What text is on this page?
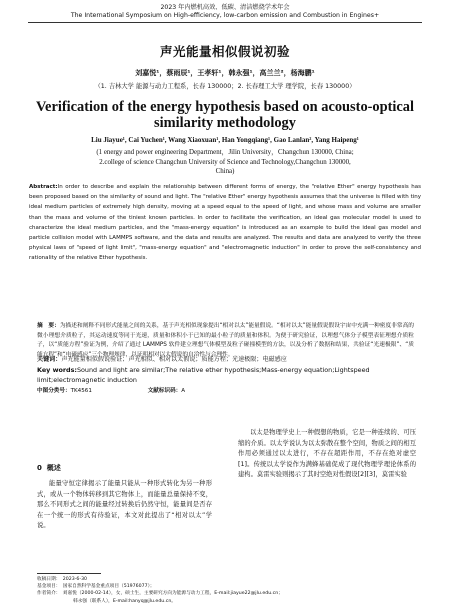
2023 年内燃机高效、低碳、清洁燃烧学术年会
The International Symposium on High-efficiency, low-carbon emission and Combustion in Engines+
声光能量相似假说初验
刘嘉悦¹，蔡雨辰¹，王孝轩¹，韩永强¹，高兰兰²，杨海鹏¹
（1. 吉林大学 能源与动力工程系，长春 130000；2. 长春理工大学 理学院，长春 130000）
Verification of the energy hypothesis based on acousto-optical similarity methodology
Liu Jiayue¹, Cai Yuchen¹, Wang Xiaoxuan¹, Han Yongqiang¹, Gao Lanlan², Yang Haipeng¹
(1 energy and power engineering Department，Jilin University，Changchun 130000, China;
2.college of science Changchun University of Science and Technology,Changchun 130000,
China)
Abstract:In order to describe and explain the relationship between different forms of energy, the "relative Ether" energy hypothesis has been proposed based on the similarity of sound and light. The "relative Ether" energy hypothesis assumes that the universe is filled with tiny ideal medium particles of extremely high density, moving at a speed equal to the speed of light, and whose mass and volume are smaller than the mass and volume of the tiniest known particles. In order to facilitate the verification, an ideal gas molecular model is used to characterize the ideal medium particles, and the "mass-energy equation" is introduced as an example to build the ideal gas model and particle collision model with LAMMPS software, and the data and results are analyzed. The results and data are analyzed to verify the three physical laws of "speed of light limit", "mass-energy equation" and "electromagnetic induction" in order to prove the self-consistency and rationality of the relative Ether hypothesis.
摘　要：为描述和阐释不同形式能量之间的关系，基于声光相似现象提出“相对以太”能量假说。“相对以太”能量假说假设宇宙中充满一种密度非常高的微小理想介质粒子，其运动速度等同于光速，质量和体积小于已知的最小粒子的质量和体积。为便于研究验证，以理想气体分子模型表征理想介质粒子，以“质能方程”验证为例，介绍了通过 LAMMPS 软件建立理想气体模型及粒子碰撞模型的方法，以及分析了数据和结果，共验证“光速极限”、“质能方程”和“电磁感应”三个物理规律，以证明相对以太假说的自洽性与合理性。
关键词：声光能量相似假说验证；声光相似、相对以太假说；质能方程；光速极限；电磁感应
Key words:Sound and light are similar;The relative ether hypothesis;Mass-energy equation;Lightspeed limit;electromagnetic induction
中图分类号：TK4561	文献标识码：A
0 概述
能量守恒定律揭示了能量只能从一种形式转化为另一种形式，或从一个物体转移到其它物体上，而能量总量保持不变，那么不同形式之间的能量经过转换后仍然守恒，能量间是否存在一个统一的形式有待验证，本文对此提出了“相对以太”学说。
以太是物理学史上一种假想的物质，它是一种连续的、可压缩的介质。以太学说认为以太弥散在整个空间，物质之间的相互作用必须通过以太进行，不存在超距作用，不存在绝对虚空[1]。传统以太学说作为满蜂基础促成了现代物理学理论体系的建构。莫雷实验则揭示了其时空绝对性假设[2][3]，莫雷实验
收稿日期：　2023-6-30
基金项目：　国家自然科学基金重点项目（51976077）；
作者简介：　刘嘉悦（2000-02-14），女，硕士生，主要研究方向为能源与动力工程，E-mail:jiayue22@jlu.edu.cn；
韩永强（联系人），E-mail:hanyq@jlu.edu.cn。
